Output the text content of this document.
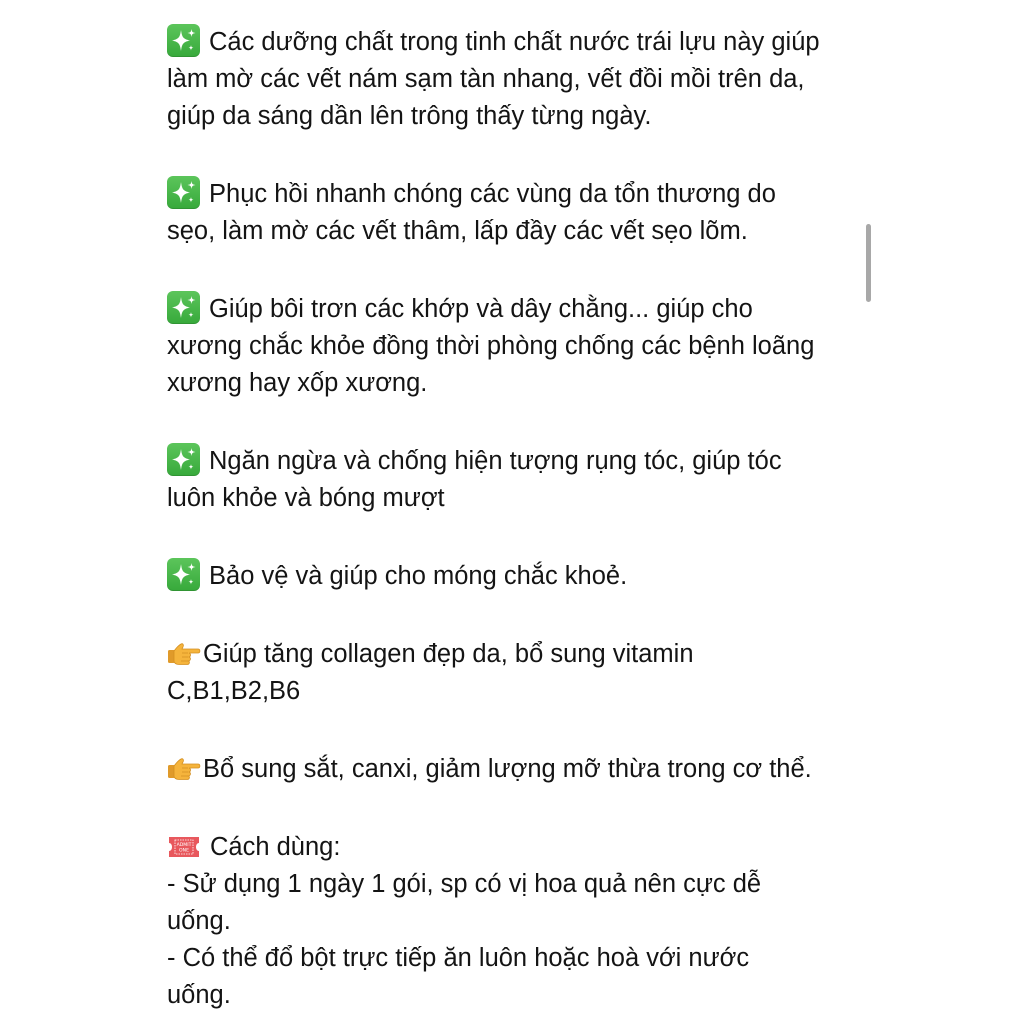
Các dưỡng chất trong tinh chất nước trái lựu này giúp
làm mờ các vết nám sạm tàn nhang, vết đồi mồi trên da,
giúp da sáng dần lên trông thấy từng ngày.
Phục hồi nhanh chóng các vùng da tổn thương do
sẹo, làm mờ các vết thâm, lấp đầy các vết sẹo lõm.
Giúp bôi trơn các khớp và dây chằng... giúp cho
xương chắc khỏe đồng thời phòng chống các bệnh loãng
xương hay xốp xương.
Ngăn ngừa và chống hiện tượng rụng tóc, giúp tóc
luôn khỏe và bóng mượt
Bảo vệ và giúp cho móng chắc khoẻ.
Giúp tăng collagen đẹp da, bổ sung vitamin
C,B1,B2,B6
Bổ sung sắt, canxi, giảm lượng mỡ thừa trong cơ thể.
ADMIT
ONE Cách dùng:
- Sử dụng 1 ngày 1 gói, sp có vị hoa quả nên cực dễ
uống.
- Có thể đổ bột trực tiếp ăn luôn hoặc hoà với nước
uống.
